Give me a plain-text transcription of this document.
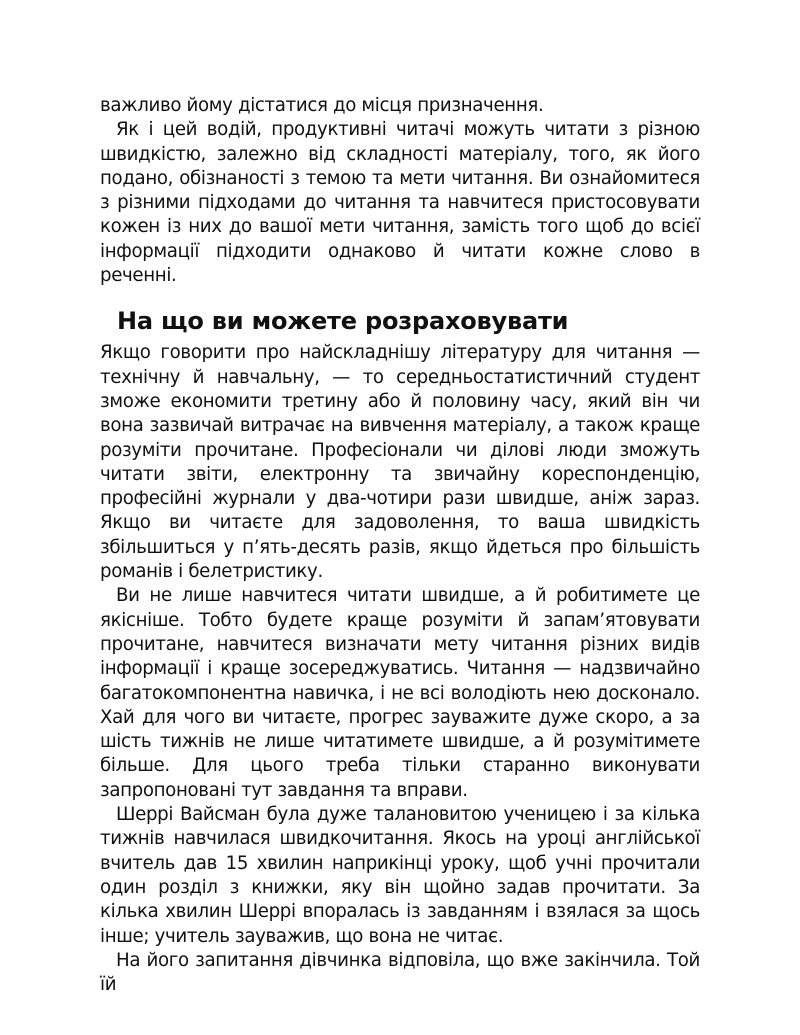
важливо йому дістатися до місця призначення.

Як і цей водій, продуктивні читачі можуть читати з різною швидкістю, залежно від складності матеріалу, того, як його подано, обізнаності з темою та мети читання. Ви ознайомитеся з різними підходами до читання та навчитеся пристосовувати кожен із них до вашої мети читання, замість того щоб до всієї інформації підходити однаково й читати кожне слово в реченні.

На що ви можете розраховувати

Якщо говорити про найскладнішу літературу для читання — технічну й навчальну, — то середньостатистичний студент зможе економити третину або й половину часу, який він чи вона зазвичай витрачає на вивчення матеріалу, а також краще розуміти прочитане. Професіонали чи ділові люди зможуть читати звіти, електронну та звичайну кореспонденцію, професійні журнали у два-чотири рази швидше, аніж зараз. Якщо ви читаєте для задоволення, то ваша швидкість збільшиться у п’ять-десять разів, якщо йдеться про більшість романів і белетристику.

Ви не лише навчитеся читати швидше, а й робитимете це якісніше. Тобто будете краще розуміти й запам’ятовувати прочитане, навчитеся визначати мету читання різних видів інформації і краще зосереджуватись. Читання — надзвичайно багатокомпонентна навичка, і не всі володіють нею досконало. Хай для чого ви читаєте, прогрес зауважите дуже скоро, а за шість тижнів не лише читатимете швидше, а й розумітимете більше. Для цього треба тільки старанно виконувати запропоновані тут завдання та вправи.

Шеррі Вайсман була дуже талановитою ученицею і за кілька тижнів навчилася швидкочитання. Якось на уроці англійської вчитель дав 15 хвилин наприкінці уроку, щоб учні прочитали один розділ з книжки, яку він щойно задав прочитати. За кілька хвилин Шеррі впоралась із завданням і взялася за щось інше; учитель зауважив, що вона не читає.

На його запитання дівчинка відповіла, що вже закінчила. Той їй
